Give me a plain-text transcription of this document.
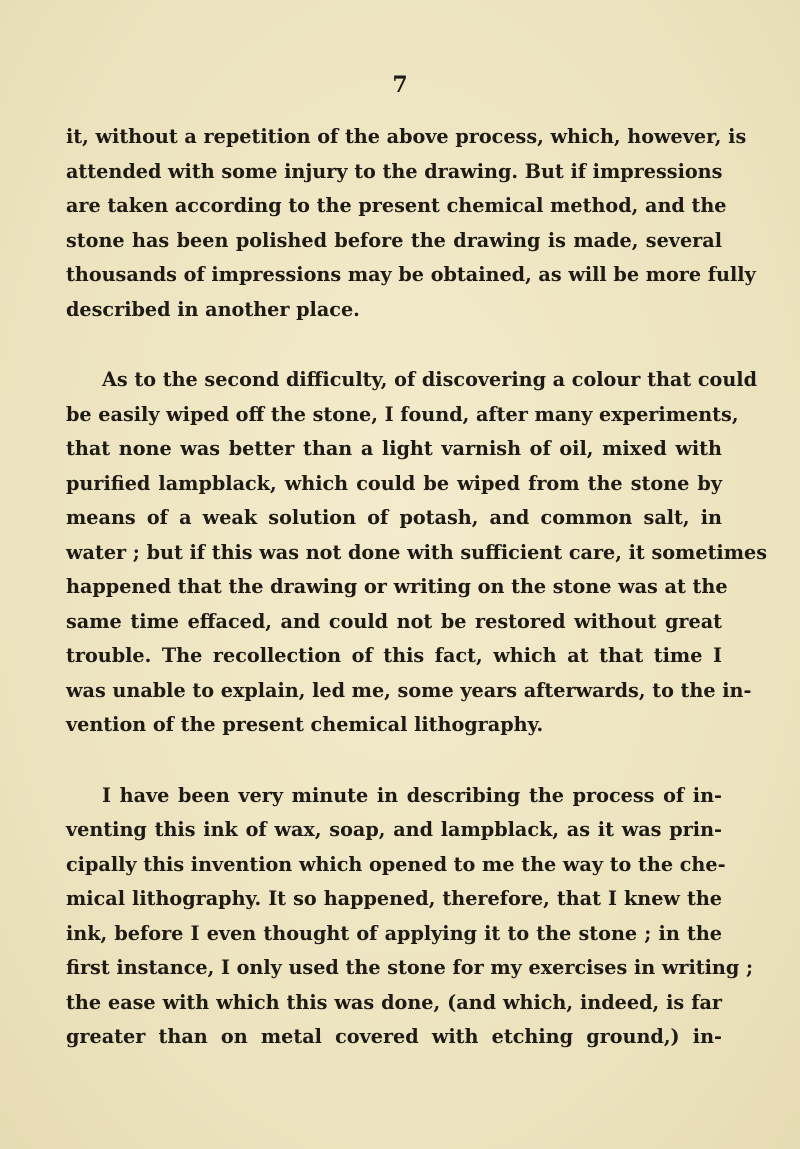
7

it, without a repetition of the above process, which, however, is
attended with some injury to the drawing. But if impressions
are taken according to the present chemical method, and the
stone has been polished before the drawing is made, several
thousands of impressions may be obtained, as will be more fully
described in another place.

As to the second difficulty, of discovering a colour that could
be easily wiped off the stone, I found, after many experiments,
that none was better than a light varnish of oil, mixed with
purified lampblack, which could be wiped from the stone by
means of a weak solution of potash, and common salt, in
water ; but if this was not done with sufficient care, it sometimes
happened that the drawing or writing on the stone was at the
same time effaced, and could not be restored without great
trouble. The recollection of this fact, which at that time I
was unable to explain, led me, some years afterwards, to the in-
vention of the present chemical lithography.

I have been very minute in describing the process of in-
venting this ink of wax, soap, and lampblack, as it was prin-
cipally this invention which opened to me the way to the che-
mical lithography. It so happened, therefore, that I knew the
ink, before I even thought of applying it to the stone ; in the
first instance, I only used the stone for my exercises in writing ;
the ease with which this was done, (and which, indeed, is far
greater than on metal covered with etching ground,) in-
